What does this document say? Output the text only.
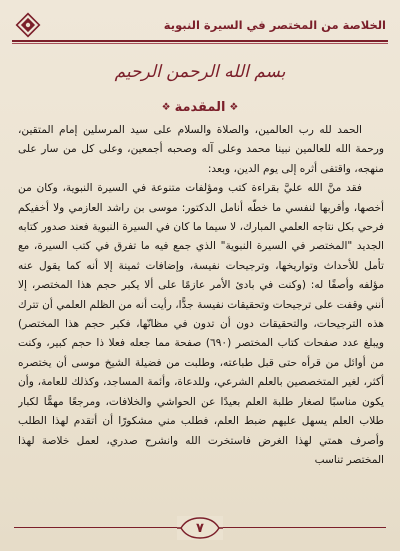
الخلاصة من المختصر في السيرة النبوية
بسم الله الرحمن الرحيم
❖ المقدمة ❖

الحمد لله رب العالمين، والصلاة والسلام على سيد المرسلين إمام المتقين، ورحمة الله للعالمين نبينا محمد وعلى آله وصحبه أجمعين، وعلى كل من سار على منهجه، واقتفى أثره إلى يوم الدين، وبعد:

فقد منَّ الله عليَّ بقراءة كتب ومؤلفات متنوعة في السيرة النبوية، وكان من أخصها، وأقربها لنفسي ما خطّه أنامل الدكتور: موسى بن راشد العازمي ولا أخفيكم فرحي بكل نتاجه العلمي المبارك، لا سيما ما كان في السيرة النبوية فعند صدور كتابه الجديد "المختصر في السيرة النبوية" الذي جمع فيه ما تفرق في كتب السيرة، مع تأمل للأحداث وتواريخها، وترجيحات نفيسة، وإضافات ثمينة إلا أنه كما يقول عنه مؤلفه وأصفًا له: (وكنت في بادئ الأمر عازمًا على ألا يكبر حجم هذا المختصر، إلا أنني وقفت على ترجيحات وتحقيقات نفيسة جدًّا، رأيت أنه من الظلم العلمي أن تترك هذه الترجيحات، والتحقيقات دون أن تدون في مظانّها، فكبر حجم هذا المختصر) ويبلغ عدد صفحات كتاب المختصر (٦٩٠) صفحة مما جعله فعلا ذا حجم كبير، وكنت من أوائل من قرأه حتى قبل طباعته، وطلبت من فضيلة الشيخ موسى أن يختصره أكثر، لغير المتخصصين بالعلم الشرعي، وللدعاة، وأئمة المساجد، وكذلك للعامة، وأن يكون مناسبًا لصغار طلبة العلم بعيدًا عن الحواشي والخلافات، ومرجعًا مهمًّا لكبار طلاب العلم يسهل عليهم ضبط العلم، فطلب مني مشكورًا أن أتقدم لهذا الطلب وأصرف همتي لهذا الغرض فاستخرت الله وانشرح صدري، لعمل خلاصة لهذا المختصر تناسب

٧
